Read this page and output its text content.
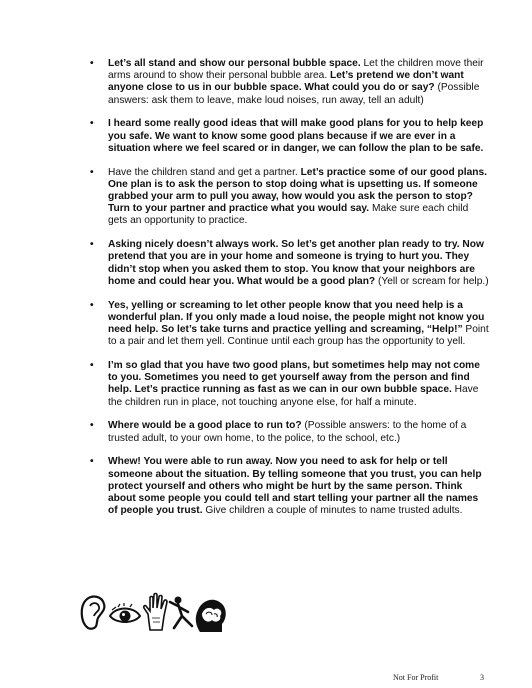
• Let’s all stand and show our personal bubble space. Let the children move their arms around to show their personal bubble area. Let’s pretend we don’t want anyone close to us in our bubble space. What could you do or say? (Possible answers: ask them to leave, make loud noises, run away, tell an adult)
• I heard some really good ideas that will make good plans for you to help keep you safe. We want to know some good plans because if we are ever in a situation where we feel scared or in danger, we can follow the plan to be safe.
• Have the children stand and get a partner. Let’s practice some of our good plans. One plan is to ask the person to stop doing what is upsetting us. If someone grabbed your arm to pull you away, how would you ask the person to stop? Turn to your partner and practice what you would say. Make sure each child gets an opportunity to practice.
• Asking nicely doesn’t always work. So let’s get another plan ready to try. Now pretend that you are in your home and someone is trying to hurt you. They didn’t stop when you asked them to stop. You know that your neighbors are home and could hear you. What would be a good plan? (Yell or scream for help.)
• Yes, yelling or screaming to let other people know that you need help is a wonderful plan. If you only made a loud noise, the people might not know you need help. So let’s take turns and practice yelling and screaming, “Help!” Point to a pair and let them yell. Continue until each group has the opportunity to yell.
• I’m so glad that you have two good plans, but sometimes help may not come to you. Sometimes you need to get yourself away from the person and find help. Let’s practice running as fast as we can in our own bubble space. Have the children run in place, not touching anyone else, for half a minute.
• Where would be a good place to run to? (Possible answers: to the home of a trusted adult, to your own home, to the police, to the school, etc.)
• Whew! You were able to run away. Now you need to ask for help or tell someone about the situation. By telling someone that you trust, you can help protect yourself and others who might be hurt by the same person. Think about some people you could tell and start telling your partner all the names of people you trust. Give children a couple of minutes to name trusted adults.
Not For Profit	3
